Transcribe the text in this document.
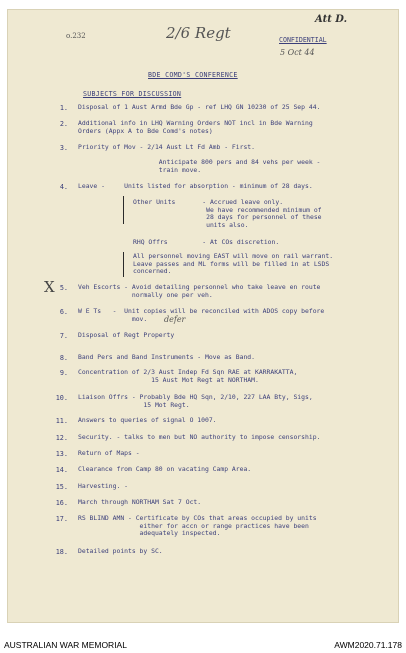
o.232	2/6 Regt
Att D.
CONFIDENTIAL
5 Oct 44
BDE COMD'S CONFERENCE
SUBJECTS FOR DISCUSSION
1. Disposal of 1 Aust Armd Bde Gp - ref LHQ GN 10230 of 25 Sep 44.
2. Additional info in LHQ Warning Orders NOT incl in Bde Warning
Orders (Appx A to Bde Comd's notes)
3. Priority of Mov - 2/14 Aust Lt Fd Amb - First.

Anticipate 800 pers and 84 vehs per week -
train move.
4. Leave -     Units listed for absorption - minimum of 28 days.
Other Units       - Accrued leave only.
We have recommended minimum of
28 days for personnel of these
units also.
RHQ Offrs         - At COs discretion.
All personnel moving EAST will move on rail warrant.
Leave passes and ML forms will be filled in at LSDS
concerned.
X 5. Veh Escorts - Avoid detailing personnel who take leave en route
normally one per veh.
6. W E Ts   -  Unit copies will be reconciled with ADOS copy before
mov.	defer
7. Disposal of Regt Property
8. Band Pers and Band Instruments - Move as Band.
9. Concentration of 2/3 Aust Indep Fd Sqn RAE at KARRAKATTA,
15 Aust Mot Regt at NORTHAM.
10. Liaison Offrs - Probably Bde HQ Sqn, 2/10, 227 LAA Bty, Sigs,
15 Mot Regt.
11. Answers to queries of signal O 1007.
12. Security. - talks to men but NO authority to impose censorship.
13. Return of Maps -
14. Clearance from Camp 80 on vacating Camp Area.
15. Harvesting. -
16. March through NORTHAM Sat 7 Oct.
17. RS BLIND AMN - Certificate by COs that areas occupied by units
either for accn or range practices have been
adequately inspected.
18. Detailed points by SC.
AUSTRALIAN WAR MEMORIAL	AWM2020.71.178
